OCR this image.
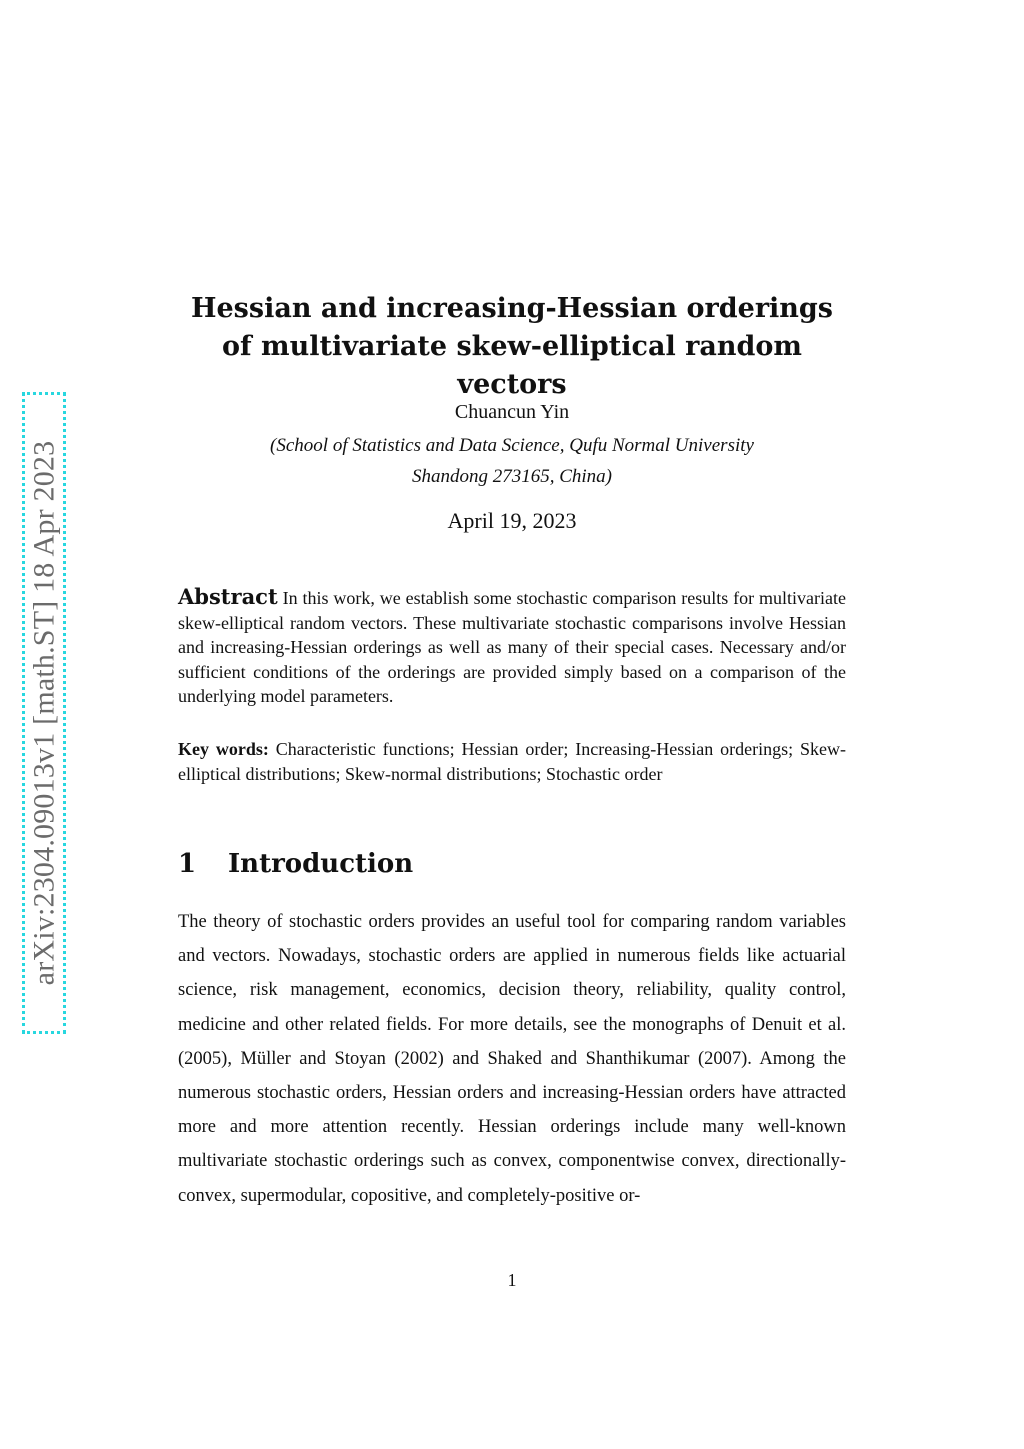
arXiv:2304.09013v1 [math.ST] 18 Apr 2023
Hessian and increasing-Hessian orderings of multivariate skew-elliptical random vectors

Chuancun Yin

(School of Statistics and Data Science, Qufu Normal University
Shandong 273165, China)

April 19, 2023

Abstract In this work, we establish some stochastic comparison results for multivariate skew-elliptical random vectors. These multivariate stochastic comparisons involve Hessian and increasing-Hessian orderings as well as many of their special cases. Necessary and/or sufficient conditions of the orderings are provided simply based on a comparison of the underlying model parameters.

Key words: Characteristic functions; Hessian order; Increasing-Hessian orderings; Skew-elliptical distributions; Skew-normal distributions; Stochastic order

1 Introduction

The theory of stochastic orders provides an useful tool for comparing random variables and vectors. Nowadays, stochastic orders are applied in numerous fields like actuarial science, risk management, economics, decision theory, reliability, quality control, medicine and other related fields. For more details, see the monographs of Denuit et al. (2005), Müller and Stoyan (2002) and Shaked and Shanthikumar (2007). Among the numerous stochastic orders, Hessian orders and increasing-Hessian orders have attracted more and more attention recently. Hessian orderings include many well-known multivariate stochastic orderings such as convex, componentwise convex, directionally-convex, supermodular, copositive, and completely-positive or-

1
